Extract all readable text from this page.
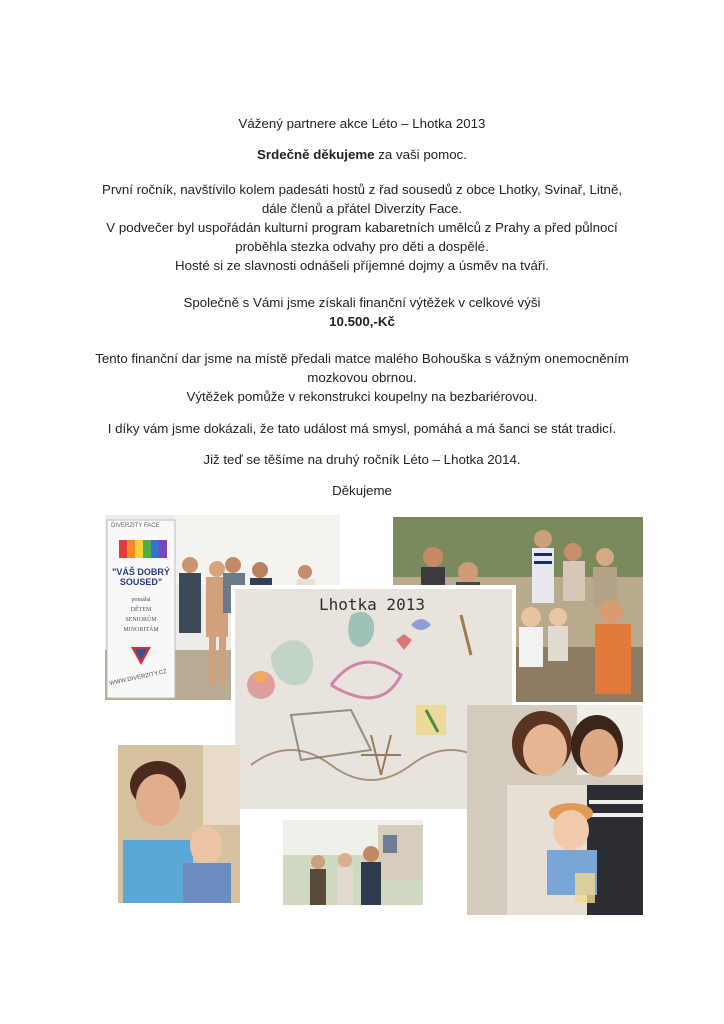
Vážený partnere akce Léto – Lhotka 2013
Srdečně děkujeme za vaši pomoc.
První ročník, navštívilo kolem padesáti hostů z řad sousedů z obce Lhotky, Svinař, Litně,
dále členů a přátel Diverzity Face.
V podvečer byl uspořádán kulturní program kabaretních umělců z Prahy a před půlnocí
proběhla stezka odvahy pro děti a dospělé.
Hosté si ze slavnosti odnášeli příjemné dojmy a úsměv na tváři.
Společně s Vámi jsme získali finanční výtěžek v celkové výši
10.500,-Kč
Tento finanční dar jsme na místě předali matce malého Bohouška s vážným onemocněním
mozkovou obrnou.
Výtěžek pomůže v rekonstrukci koupelny na bezbariérovou.
I díky vám jsme dokázali, že tato událost má smysl, pomáhá a má šanci se stát tradicí.
Již teď se těšíme na druhý ročník Léto – Lhotka 2014.
Děkujeme
DIVERZITY FACE
"VÁŠ DOBRÝ SOUSED"
pomáhá
DĚTEM
SENIORŮM
MINORITÁM
WWW.DIVERZITY.CZ
Lhotka 2013
